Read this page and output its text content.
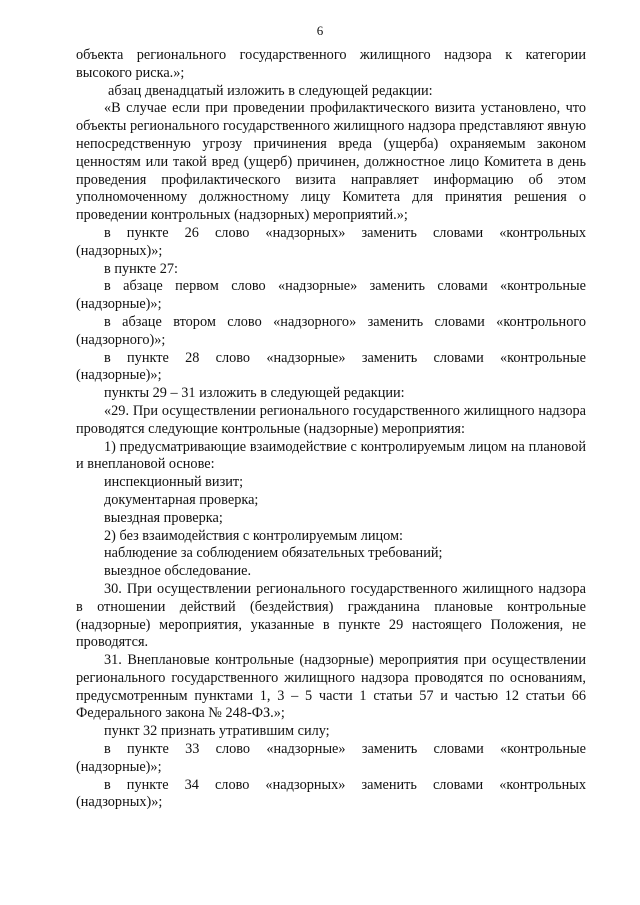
6

объекта регионального государственного жилищного надзора к категории высокого риска.»;

абзац двенадцатый изложить в следующей редакции:

«В случае если при проведении профилактического визита установлено, что объекты регионального государственного жилищного надзора представляют явную непосредственную угрозу причинения вреда (ущерба) охраняемым законом ценностям или такой вред (ущерб) причинен, должностное лицо Комитета в день проведения профилактического визита направляет информацию об этом уполномоченному должностному лицу Комитета для принятия решения о проведении контрольных (надзорных) мероприятий.»;

в пункте 26 слово «надзорных» заменить словами «контрольных (надзорных)»;

в пункте 27:

в абзаце первом слово «надзорные» заменить словами «контрольные (надзорные)»;

в абзаце втором слово «надзорного» заменить словами «контрольного (надзорного)»;

в пункте 28 слово «надзорные» заменить словами «контрольные (надзорные)»;

пункты 29 – 31 изложить в следующей редакции:

«29. При осуществлении регионального государственного жилищного надзора проводятся следующие контрольные (надзорные) мероприятия:

1) предусматривающие взаимодействие с контролируемым лицом на плановой и внеплановой основе:

инспекционный визит;

документарная проверка;

выездная проверка;

2) без взаимодействия с контролируемым лицом:

наблюдение за соблюдением обязательных требований;

выездное обследование.

30. При осуществлении регионального государственного жилищного надзора в отношении действий (бездействия) гражданина плановые контрольные (надзорные) мероприятия, указанные в пункте 29 настоящего Положения, не проводятся.

31. Внеплановые контрольные (надзорные) мероприятия при осуществлении регионального государственного жилищного надзора проводятся по основаниям, предусмотренным пунктами 1, 3 – 5 части 1 статьи 57 и частью 12 статьи 66 Федерального закона № 248-ФЗ.»;

пункт 32 признать утратившим силу;

в пункте 33 слово «надзорные» заменить словами «контрольные (надзорные)»;

в пункте 34 слово «надзорных» заменить словами «контрольных (надзорных)»;
